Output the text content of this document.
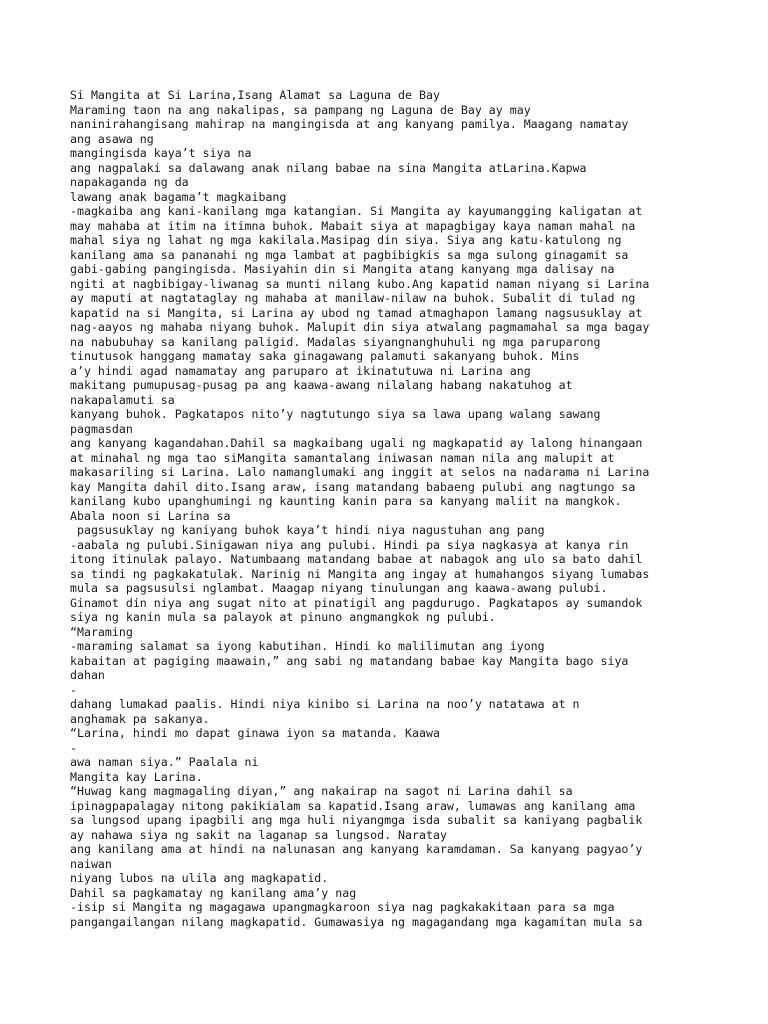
Si Mangita at Si Larina,Isang Alamat sa Laguna de Bay
Maraming taon na ang nakalipas, sa pampang ng Laguna de Bay ay may
naninirahangisang mahirap na mangingisda at ang kanyang pamilya. Maagang namatay
ang asawa ng
mangingisda kaya’t siya na
ang nagpalaki sa dalawang anak nilang babae na sina Mangita atLarina.Kapwa
napakaganda ng da
lawang anak bagama’t magkaibang
-magkaiba ang kani-kanilang mga katangian. Si Mangita ay kayumangging kaligatan at
may mahaba at itim na itimna buhok. Mabait siya at mapagbigay kaya naman mahal na
mahal siya ng lahat ng mga kakilala.Masipag din siya. Siya ang katu-katulong ng
kanilang ama sa pananahi ng mga lambat at pagbibigkis sa mga sulong ginagamit sa
gabi-gabing pangingisda. Masiyahin din si Mangita atang kanyang mga dalisay na
ngiti at nagbibigay-liwanag sa munti nilang kubo.Ang kapatid naman niyang si Larina
ay maputi at nagtataglay ng mahaba at manilaw-nilaw na buhok. Subalit di tulad ng
kapatid na si Mangita, si Larina ay ubod ng tamad atmaghapon lamang nagsusuklay at
nag-aayos ng mahaba niyang buhok. Malupit din siya atwalang pagmamahal sa mga bagay
na nabubuhay sa kanilang paligid. Madalas siyangnanghuhuli ng mga paruparong
tinutusok hanggang mamatay saka ginagawang palamuti sakanyang buhok. Mins
a’y hindi agad namamatay ang paruparo at ikinatutuwa ni Larina ang
makitang pumupusag-pusag pa ang kaawa-awang nilalang habang nakatuhog at
nakapalamuti sa
kanyang buhok. Pagkatapos nito’y nagtutungo siya sa lawa upang walang sawang
pagmasdan
ang kanyang kagandahan.Dahil sa magkaibang ugali ng magkapatid ay lalong hinangaan
at minahal ng mga tao siMangita samantalang iniwasan naman nila ang malupit at
makasariling si Larina. Lalo namanglumaki ang inggit at selos na nadarama ni Larina
kay Mangita dahil dito.Isang araw, isang matandang babaeng pulubi ang nagtungo sa
kanilang kubo upanghumingi ng kaunting kanin para sa kanyang maliit na mangkok.
Abala noon si Larina sa
pagsusuklay ng kaniyang buhok kaya’t hindi niya nagustuhan ang pang
-aabala ng pulubi.Sinigawan niya ang pulubi. Hindi pa siya nagkasya at kanya rin
itong itinulak palayo. Natumbaang matandang babae at nabagok ang ulo sa bato dahil
sa tindi ng pagkakatulak. Narinig ni Mangita ang ingay at humahangos siyang lumabas
mula sa pagsusulsi nglambat. Maagap niyang tinulungan ang kaawa-awang pulubi.
Ginamot din niya ang sugat nito at pinatigil ang pagdurugo. Pagkatapos ay sumandok
siya ng kanin mula sa palayok at pinuno angmangkok ng pulubi.
“Maraming
-maraming salamat sa iyong kabutihan. Hindi ko malilimutan ang iyong
kabaitan at pagiging maawain,” ang sabi ng matandang babae kay Mangita bago siya
dahan
-
dahang lumakad paalis. Hindi niya kinibo si Larina na noo’y natatawa at n
anghamak pa sakanya.
“Larina, hindi mo dapat ginawa iyon sa matanda. Kaawa
-
awa naman siya.” Paalala ni
Mangita kay Larina.
“Huwag kang magmagaling diyan,” ang nakairap na sagot ni Larina dahil sa
ipinagpapalagay nitong pakikialam sa kapatid.Isang araw, lumawas ang kanilang ama
sa lungsod upang ipagbili ang mga huli niyangmga isda subalit sa kaniyang pagbalik
ay nahawa siya ng sakit na laganap sa lungsod. Naratay
ang kanilang ama at hindi na nalunasan ang kanyang karamdaman. Sa kanyang pagyao’y
naiwan
niyang lubos na ulila ang magkapatid.
Dahil sa pagkamatay ng kanilang ama’y nag
-isip si Mangita ng magagawa upangmagkaroon siya nag pagkakakitaan para sa mga
pangangailangan nilang magkapatid. Gumawasiya ng magagandang mga kagamitan mula sa
